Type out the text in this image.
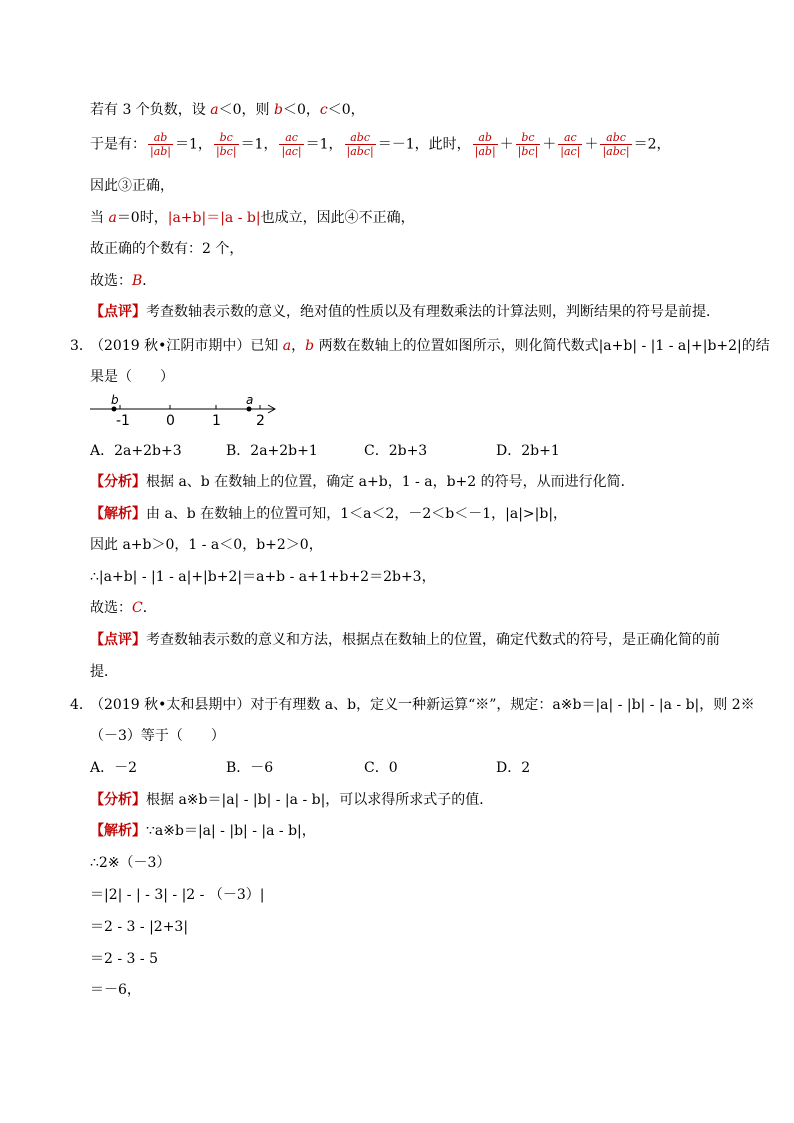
若有 3 个负数，设 a＜0，则 b＜0，c＜0，
于是有： $\frac{ab}{|ab|} =1$， $\frac{bc}{|bc|} =1$， $\frac{ac}{|ac|} =1$， $\frac{\text{abc}}{\text{|abc|}} =-1$，此时， $\frac{ab}{|ab|} + \frac{bc}{|bc|} + \frac{ac}{|ac|} + \frac{\text{abc}}{\text{|abc|}} =2$，
因此③正确，
当 a＝0时，|a+b|＝|a - b|也成立，因此④不正确，
故正确的个数有：2 个，
故选：B．
【点评】考查数轴表示数的意义，绝对值的性质以及有理数乘法的计算法则，判断结果的符号是前提．
3．
（2019 秋•江阴市期中）已知 a，b 两数在数轴上的位置如图所示，则化简代数式|a+b| - |1 - a|+|b+2|的结
果是（　　）
b	a
-1	0	1	2
A．2a+2b+3	B．2a+2b+1	C．2b+3	D．2b+1
【分析】根据 a、b 在数轴上的位置，确定 a+b，1 - a，b+2 的符号，从而进行化简．
【解析】由 a、b 在数轴上的位置可知，1＜a＜2，－2＜b＜－1，|a|>|b|，
因此 a+b＞0，1 - a＜0，b+2＞0，
∴|a+b| - |1 - a|+|b+2|＝a+b - a+1+b+2＝2b+3，
故选：C．
【点评】考查数轴表示数的意义和方法，根据点在数轴上的位置，确定代数式的符号，是正确化简的前
提．
4．
（2019 秋•太和县期中）对于有理数 a、b，定义一种新运算“※”，规定：a※b＝|a| - |b| - |a - b|，则 2※
（－3）等于（　　）
A．－2	B．－6	C．0	D．2
【分析】根据 a※b＝|a| - |b| - |a - b|，可以求得所求式子的值．
【解析】∵a※b＝|a| - |b| - |a - b|，
∴2※（－3）
＝|2| - | - 3| - |2 - （－3）|
＝2 - 3 - |2+3|
＝2 - 3 - 5
＝－6，
